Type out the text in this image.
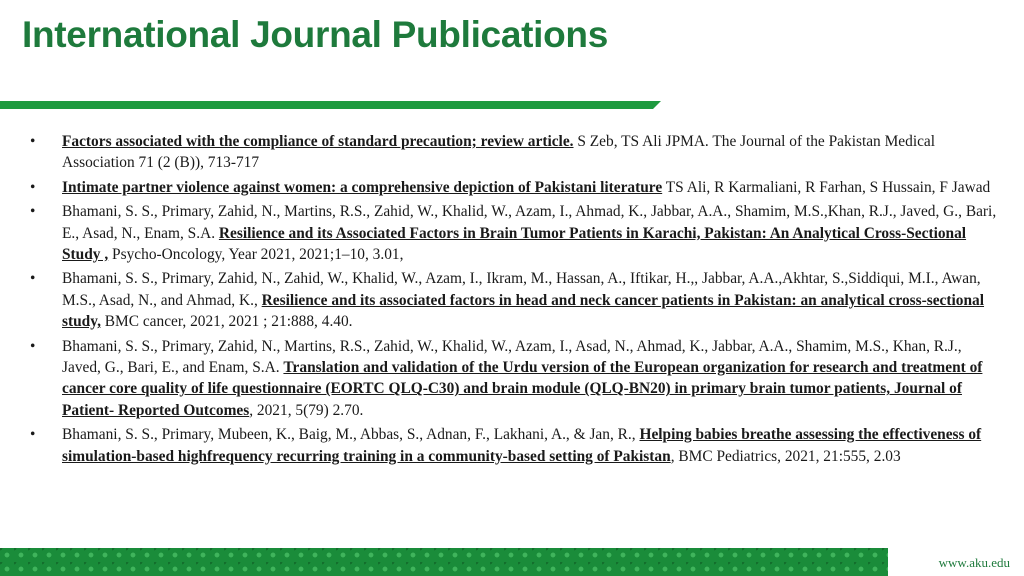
International Journal Publications
• Factors associated with the compliance of standard precaution; review article. S Zeb, TS Ali JPMA. The Journal of the Pakistan Medical Association 71 (2 (B)), 713-717
• Intimate partner violence against women: a comprehensive depiction of Pakistani literature TS Ali, R Karmaliani, R Farhan, S Hussain, F Jawad
• Bhamani, S. S., Primary, Zahid, N., Martins, R.S., Zahid, W., Khalid, W., Azam, I., Ahmad, K., Jabbar, A.A., Shamim, M.S.,Khan, R.J., Javed, G., Bari, E., Asad, N., Enam, S.A. Resilience and its Associated Factors in Brain Tumor Patients in Karachi, Pakistan: An Analytical Cross-Sectional Study , Psycho-Oncology, Year 2021, 2021;1–10, 3.01,
• Bhamani, S. S., Primary, Zahid, N., Zahid, W., Khalid, W., Azam, I., Ikram, M., Hassan, A., Iftikar, H.,, Jabbar, A.A.,Akhtar, S.,Siddiqui, M.I., Awan, M.S., Asad, N., and Ahmad, K., Resilience and its associated factors in head and neck cancer patients in Pakistan: an analytical cross-sectional study, BMC cancer, 2021, 2021 ; 21:888, 4.40.
• Bhamani, S. S., Primary, Zahid, N., Martins, R.S., Zahid, W., Khalid, W., Azam, I., Asad, N., Ahmad, K., Jabbar, A.A., Shamim, M.S., Khan, R.J., Javed, G., Bari, E., and Enam, S.A. Translation and validation of the Urdu version of the European organization for research and treatment of cancer core quality of life questionnaire (EORTC QLQ-C30) and brain module (QLQ-BN20) in primary brain tumor patients, Journal of Patient- Reported Outcomes, 2021, 5(79) 2.70.
• Bhamani, S. S., Primary, Mubeen, K., Baig, M., Abbas, S., Adnan, F., Lakhani, A., & Jan, R., Helping babies breathe assessing the effectiveness of simulation-based highfrequency recurring training in a community-based setting of Pakistan, BMC Pediatrics, 2021, 21:555, 2.03
www.aku.edu
